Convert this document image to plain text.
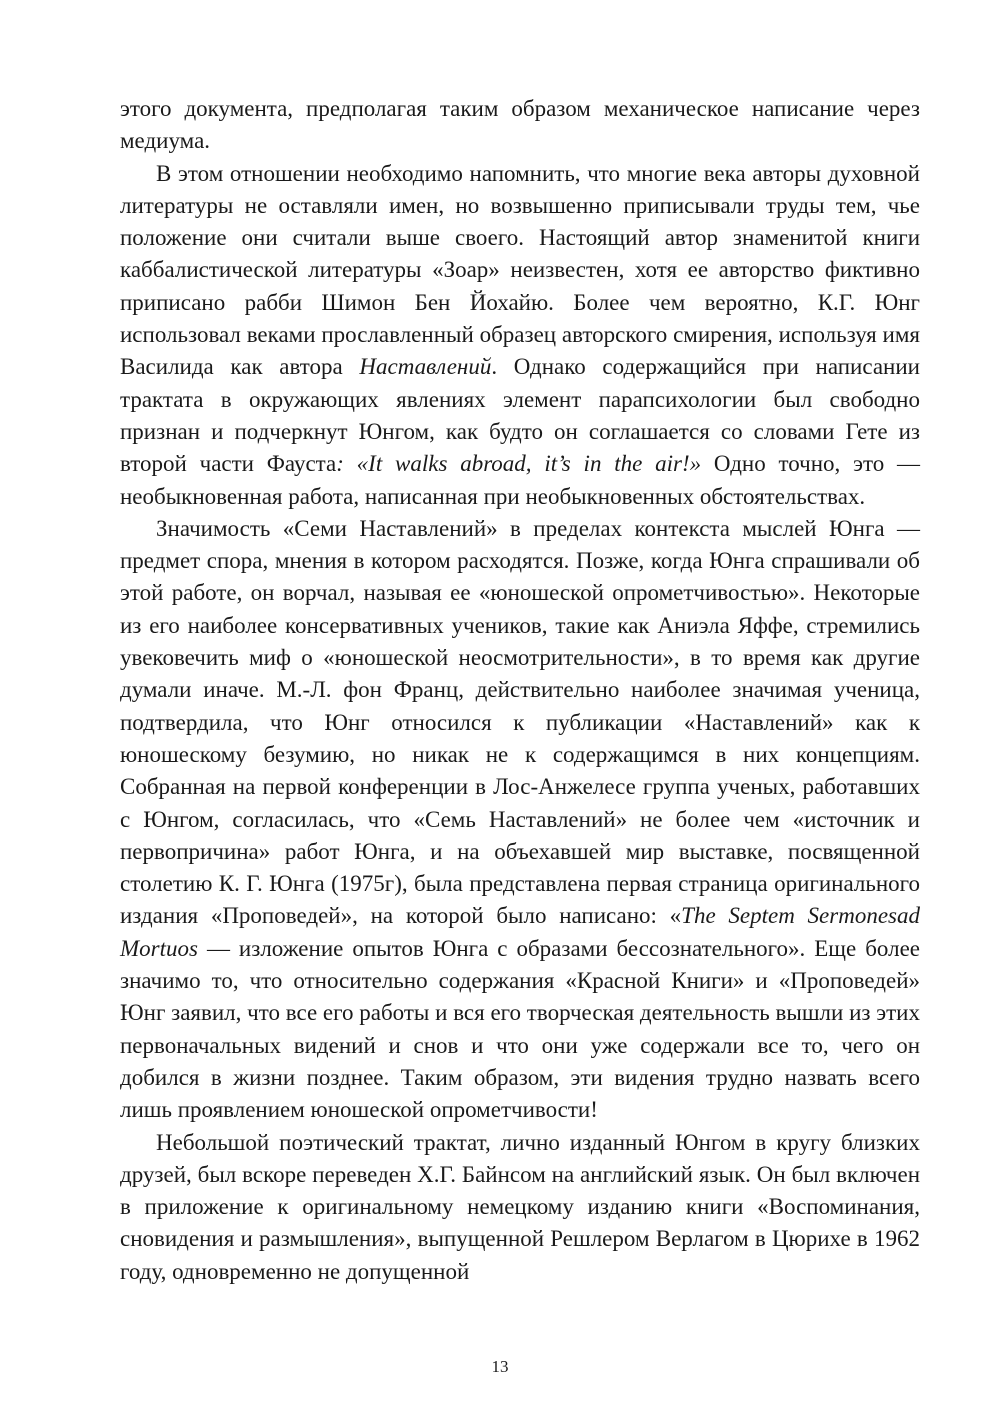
этого документа, предполагая таким образом механическое написание через медиума.

В этом отношении необходимо напомнить, что многие века авторы духовной литературы не оставляли имен, но возвышенно приписывали труды тем, чье положение они считали выше своего. Настоящий автор знаменитой книги каббалистической литературы «Зоар» неизвестен, хотя ее авторство фиктивно приписано рабби Шимон Бен Йохайю. Более чем вероятно, К.Г. Юнг использовал веками прославленный образец авторского смирения, используя имя Василида как автора Наставлений. Однако содержащийся при написании трактата в окружающих явлениях элемент парапсихологии был свободно признан и подчеркнут Юнгом, как будто он соглашается со словами Гете из второй части Фауста: «It walks abroad, it’s in the air!» Одно точно, это — необыкновенная работа, написанная при необыкновенных обстоятельствах.

Значимость «Семи Наставлений» в пределах контекста мыслей Юнга — предмет спора, мнения в котором расходятся. Позже, когда Юнга спрашивали об этой работе, он ворчал, называя ее «юношеской опрометчивостью». Некоторые из его наиболее консервативных учеников, такие как Аниэла Яффе, стремились увековечить миф о «юношеской неосмотрительности», в то время как другие думали иначе. М.-Л. фон Франц, действительно наиболее значимая ученица, подтвердила, что Юнг относился к публикации «Наставлений» как к юношескому безумию, но никак не к содержащимся в них концепциям. Собранная на первой конференции в Лос-Анжелесе группа ученых, работавших с Юнгом, согласилась, что «Семь Наставлений» не более чем «источник и первопричина» работ Юнга, и на объехавшей мир выставке, посвященной столетию К. Г. Юнга (1975г), была представлена первая страница оригинального издания «Проповедей», на которой было написано: «The Septem Sermonesad Mortuos — изложение опытов Юнга с образами бессознательного». Еще более значимо то, что относительно содержания «Красной Книги» и «Проповедей» Юнг заявил, что все его работы и вся его творческая деятельность вышли из этих первоначальных видений и снов и что они уже содержали все то, чего он добился в жизни позднее. Таким образом, эти видения трудно назвать всего лишь проявлением юношеской опрометчивости!

Небольшой поэтический трактат, лично изданный Юнгом в кругу близких друзей, был вскоре переведен Х.Г. Байнсом на английский язык. Он был включен в приложение к оригинальному немецкому изданию книги «Воспоминания, сновидения и размышления», выпущенной Решлером Верлагом в Цюрихе в 1962 году, одновременно не допущенной

13
